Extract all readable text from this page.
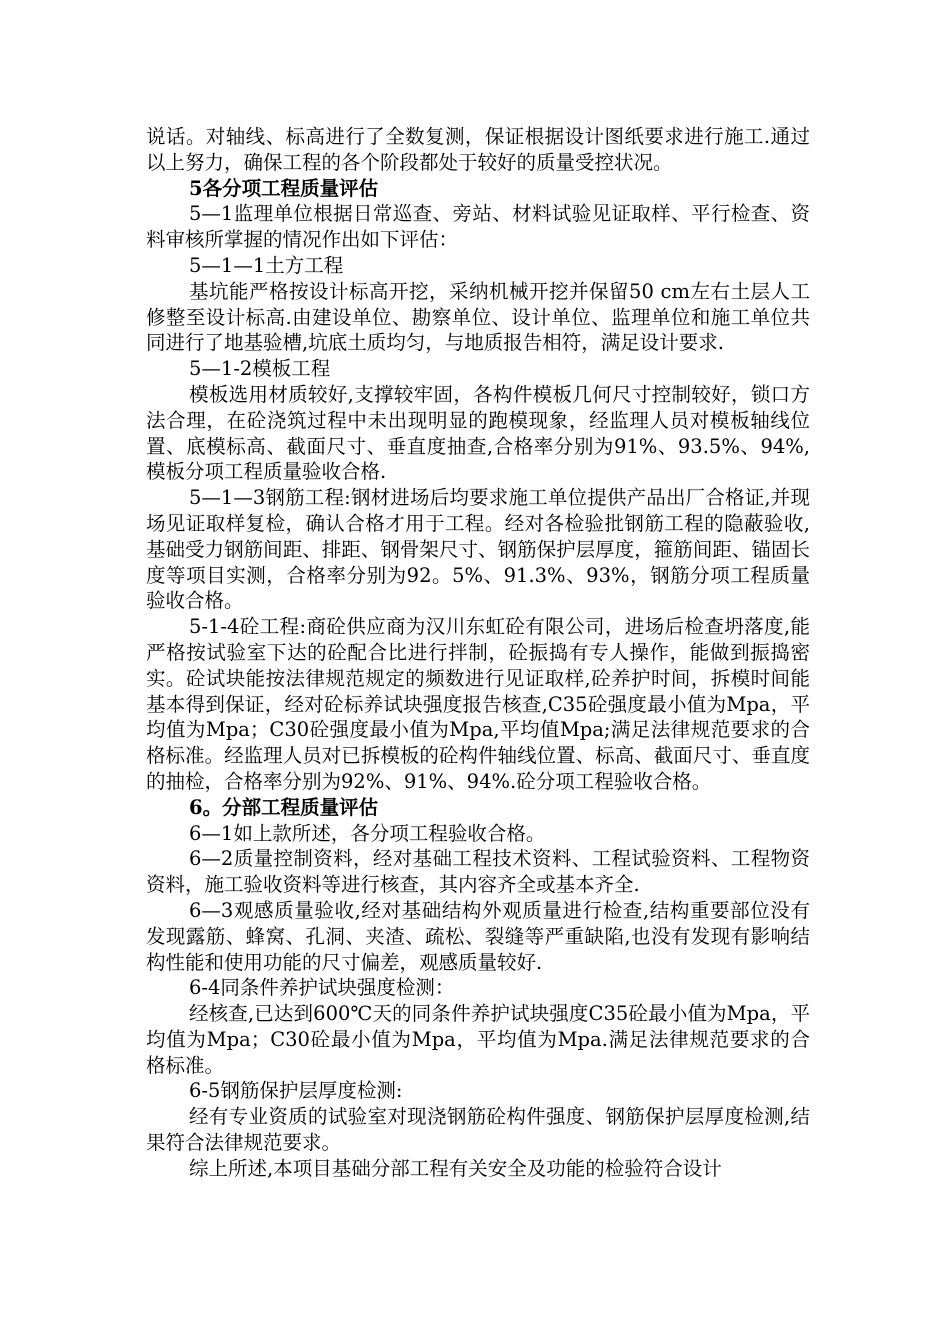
说话。对轴线、标高进行了全数复测，保证根据设计图纸要求进行施工.通过以上努力，确保工程的各个阶段都处于较好的质量受控状况。

5各分项工程质量评估

5—1监理单位根据日常巡查、旁站、材料试验见证取样、平行检查、资料审核所掌握的情况作出如下评估：

5—1—1土方工程

基坑能严格按设计标高开挖，采纳机械开挖并保留50 cm左右土层人工修整至设计标高.由建设单位、勘察单位、设计单位、监理单位和施工单位共同进行了地基验槽,坑底土质均匀，与地质报告相符，满足设计要求.

5—1-2模板工程

模板选用材质较好,支撑较牢固，各构件模板几何尺寸控制较好，锁口方法合理，在砼浇筑过程中未出现明显的跑模现象，经监理人员对模板轴线位置、底模标高、截面尺寸、垂直度抽查,合格率分别为91%、93.5%、94%,模板分项工程质量验收合格.

5—1—3钢筋工程:钢材进场后均要求施工单位提供产品出厂合格证,并现场见证取样复检，确认合格才用于工程。经对各检验批钢筋工程的隐蔽验收,基础受力钢筋间距、排距、钢骨架尺寸、钢筋保护层厚度，箍筋间距、锚固长度等项目实测，合格率分别为92。5%、91.3%、93%，钢筋分项工程质量验收合格。

5-1-4砼工程:商砼供应商为汉川东虹砼有限公司，进场后检查坍落度,能严格按试验室下达的砼配合比进行拌制，砼振捣有专人操作，能做到振捣密实。砼试块能按法律规范规定的频数进行见证取样,砼养护时间，拆模时间能基本得到保证，经对砼标养试块强度报告核查,C35砼强度最小值为Mpa，平均值为Mpa；C30砼强度最小值为Mpa,平均值Mpa;满足法律规范要求的合格标准。经监理人员对已拆模板的砼构件轴线位置、标高、截面尺寸、垂直度的抽检，合格率分别为92%、91%、94%.砼分项工程验收合格。

6。分部工程质量评估

6—1如上款所述，各分项工程验收合格。

6—2质量控制资料，经对基础工程技术资料、工程试验资料、工程物资资料，施工验收资料等进行核查，其内容齐全或基本齐全.

6—3观感质量验收,经对基础结构外观质量进行检查,结构重要部位没有发现露筋、蜂窝、孔洞、夹渣、疏松、裂缝等严重缺陷,也没有发现有影响结构性能和使用功能的尺寸偏差，观感质量较好.

6-4同条件养护试块强度检测：

经核查,已达到600℃天的同条件养护试块强度C35砼最小值为Mpa，平均值为Mpa；C30砼最小值为Mpa，平均值为Mpa.满足法律规范要求的合格标准。

6-5钢筋保护层厚度检测:

经有专业资质的试验室对现浇钢筋砼构件强度、钢筋保护层厚度检测,结果符合法律规范要求。

综上所述,本项目基础分部工程有关安全及功能的检验符合设计
